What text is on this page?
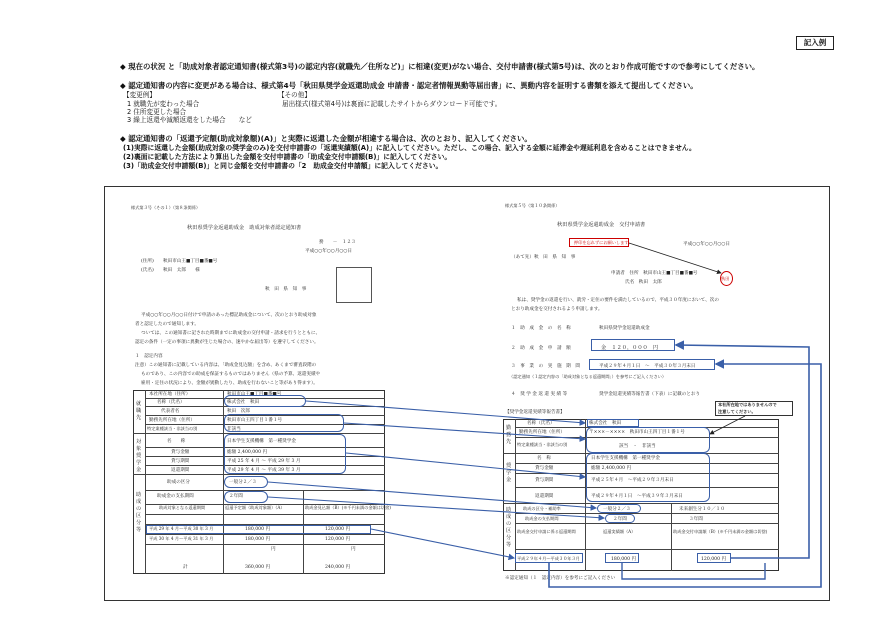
記入例
◆ 現在の状況 と「助成対象者認定通知書(様式第3号)の認定内容(就職先／住所など)」に相違(変更)がない場合、交付申請書(様式第5号)は、次のとおり作成可能ですので参考にしてください。
◆ 認定通知書の内容に変更がある場合は、様式第4号「秋田県奨学金返還助成金 申請書・認定者情報異動等届出書」に、異動内容を証明する書類を添えて提出してください。
【変更例】
1 就職先が変わった場合
2 住所変更した場合
3 繰上返還や減額返還をした場合　　など
【その他】
届出様式(様式第4号)は裏面に記載したサイトからダウンロード可能です。
◆ 認定通知書の「返還予定額(助成対象額)(A)」と実際に返還した金額が相違する場合は、次のとおり、記入してください。
(1)実際に返還した金額(助成対象の奨学金のみ)を交付申請書の「返還実績額(A)」に記入してください。ただし、この場合、記入する金額に延滞金や遅延利息を含めることはできません。
(2)裏面に記載した方法により算出した金額を交付申請書の「助成金交付申請額(B)」に記入してください。
(3)「助成金交付申請額(B)」と同じ金額を交付申請書の「2　助成金交付申請額」に記入してください。
様式第３号（その１）（第８条関係）
秋田県奨学金返還助成金　助成対象者認定通知書
務　　－　１２３
平成○○年○○月○○日
(住所) 秋田市山王■丁目■番■号
(氏名) 秋田　太郎　　様
秋　田　県　知　事
平成○○年○○月○○日付けで申請のあった標記助成金について、次のとおり助成対象
者と認定したので通知します。
ついては、この通知書に記された時期までに助成金の交付申請・請求を行うとともに、
認定の条件（一定の事項に異動が生じた場合の、速やかな届出等）を遵守してください。
１　認定内容
注意）この通知書に記載している内容は、「助成金見込額」を含め、あくまで審査段階の
ものであり、この内容での助成を保証するものではありません（県の予算、返還実績や
雇用・定住の状況により、金額が異動したり、助成を行わないこと等があり得ます）。
就職先
本社所在地（住所）	秋田市山王■丁目■番■号
名称（氏名）	株式会社　秋田
代表者名	秋田　次郎
勤務先所在地（住所）	秋田市山王四丁目１番１号
特定業種該当・非該当の別	非該当
対象奨学金
名　　称	日本学生支援機構　第一種奨学金
貸与金額	総額 2,400,000 円
貸与期間	平成 25 年 4 月 ～ 平成 29 年 3 月
返還期間	平成 29 年 4 月 ～ 平成 39 年 3 月
助成の区分等
助成の区分	一般分２／３
助成金の支払期間	２年間
助成対象となる返還期間	返還予定額（助成対象額）（A）	助成金見込額（B）(※千円未満の金額は切捨)
平成 29 年 4 月～平成 30 年 3 月	180,000 円	120,000 円
平成 30 年 4 月～平成 31 年 3 月	180,000 円	120,000 円
円	円
計	360,000 円	240,000 円
様式第５号（第１０条関係）
秋田県奨学金返還助成金　交付申請書
押印を忘れずにお願いします。	平成○○年○○月○○日
（あて先）秋　田　県　知　事
申請者　住所　秋田市山王■丁目■番■号
氏名　秋田　太郎
秋田
私は、奨学金の返還を行い、就労・定住の要件を満たしているので、平成３０年度において、次の
とおり助成金を交付されるよう申請します。
１　助　成　金　の　名　称	秋田県奨学金返還助成金
２　助　成　金　申　請　額	金　１２０，０００　円
３　事　業　の　実　施　期　間	平成２９年４月１日　～　平成３０年３月末日
（認定通知（１認定内容の「助成対象となる返還期間」）を参考にご記入ください）
４　奨 学 金 返 還 実 績 等	奨学金返還実績等報告書（下表）に記載のとおり
【奨学金返還実績等報告書】
本社所在地ではありませんので
注意してください。
勤務先
名称（氏名）	株式会社　秋田
勤務先所在地（住所）	〒×××－××××　秋田市山王四丁目１番１号
特定業種該当・非該当の別	該当　・　非該当
奨学金
名　称	日本学生支援機構　第一種奨学金
貸与金額	総額 2,400,000 円
貸与期間	平成２５年４月　～平成２９年３月末日
返還期間	平成２９年４月１日　～平成３９年３月末日
助成の区分等
助成の区分・補助率	一般分２／３	未来創生分１０／１０
助成金の支払期間	２年間	３年間
助成金交付申請に係る返還期間	返還実績額（A）	助成金交付申請額（B）(※千円未満の金額は切捨)
平成２９年４月～平成３０年３月	180,000 円	120,000 円
※認定通知（１　認定内容）を参考にご記入ください
